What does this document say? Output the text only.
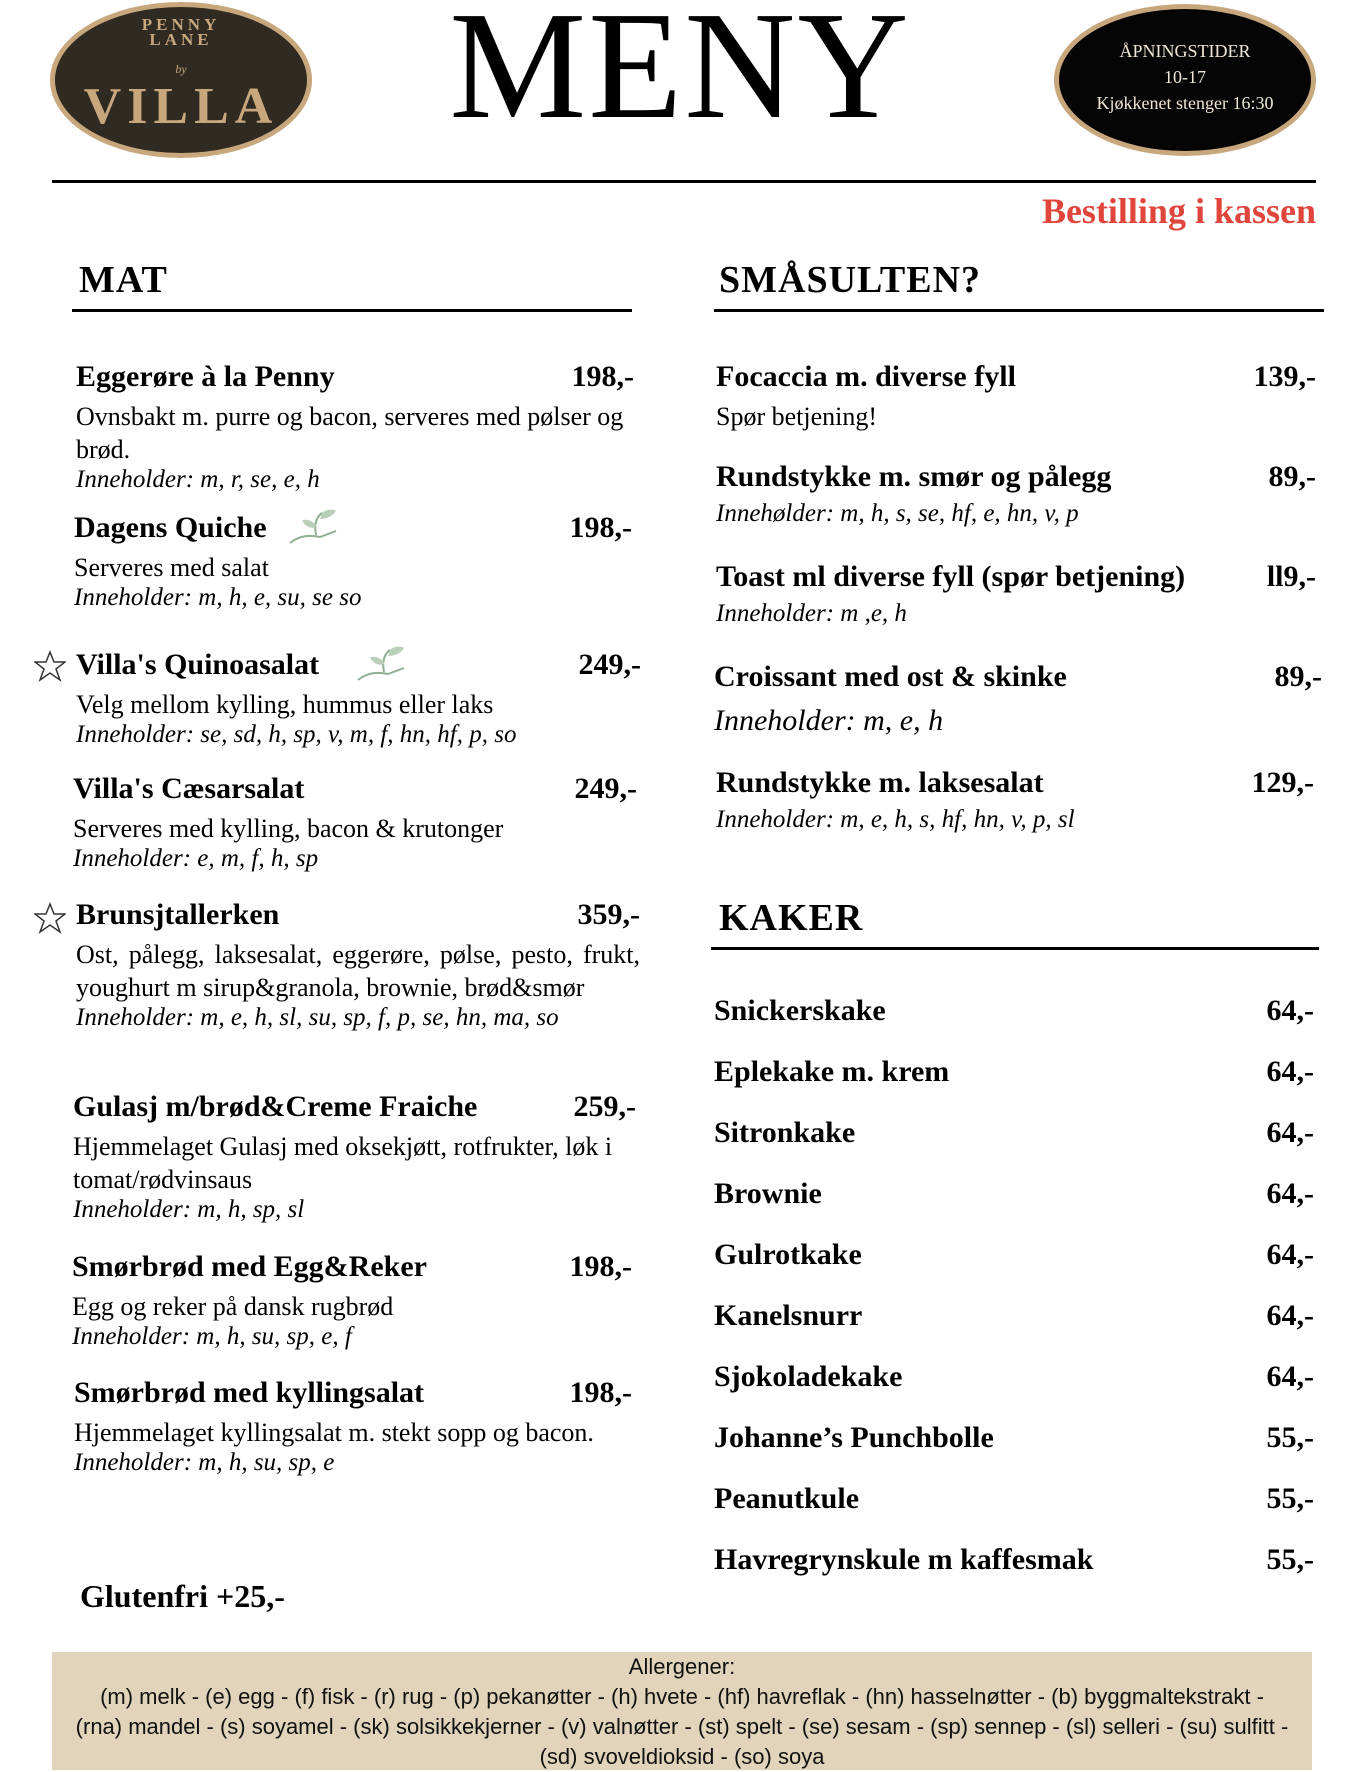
PENNY
LANE
by
VILLA	MENY	ÅPNINGSTIDER
10-17
Kjøkkenet stenger 16:30
Bestilling i kassen
MAT
Eggerøre à la Penny	198,-
Ovnsbakt m. purre og bacon, serveres med pølser og brød.
Inneholder: m, r, se, e, h
Dagens Quiche	198,-
Serveres med salat
Inneholder: m, h, e, su, se so
Villa's Quinoasalat	249,-
Velg mellom kylling, hummus eller laks
Inneholder: se, sd, h, sp, v, m, f, hn, hf, p, so
Villa's Cæsarsalat	249,-
Serveres med kylling, bacon & krutonger
Inneholder: e, m, f, h, sp
Brunsjtallerken	359,-
Ost, pålegg, laksesalat, eggerøre, pølse, pesto, frukt, youghurt m sirup&granola, brownie, brød&smør
Inneholder: m, e, h, sl, su, sp, f, p, se, hn, ma, so
Gulasj m/brød&Creme Fraiche	259,-
Hjemmelaget Gulasj med oksekjøtt, rotfrukter, løk i tomat/rødvinsaus
Inneholder: m, h, sp, sl
Smørbrød med Egg&Reker	198,-
Egg og reker på dansk rugbrød
Inneholder: m, h, su, sp, e, f
Smørbrød med kyllingsalat	198,-
Hjemmelaget kyllingsalat m. stekt sopp og bacon.
Inneholder: m, h, su, sp, e
Glutenfri +25,-
SMÅSULTEN?
Focaccia m. diverse fyll	139,-
Spør betjening!
Rundstykke m. smør og pålegg	89,-
Innehølder: m, h, s, se, hf, e, hn, v, p
Toast ml diverse fyll (spør betjening)	ll9,-
Inneholder: m ,e, h
Croissant med ost & skinke	89,-
Inneholder: m, e, h
Rundstykke m. laksesalat	129,-
Inneholder: m, e, h, s, hf, hn, v, p, sl
KAKER
Snickerskake	64,-
Eplekake m. krem	64,-
Sitronkake	64,-
Brownie	64,-
Gulrotkake	64,-
Kanelsnurr	64,-
Sjokoladekake	64,-
Johanne’s Punchbolle	55,-
Peanutkule	55,-
Havregrynskule m kaffesmak	55,-
Allergener:
(m) melk - (e) egg - (f) fisk - (r) rug - (p) pekanøtter - (h) hvete - (hf) havreflak - (hn) hasselnøtter - (b) byggmaltekstrakt -
(rna) mandel - (s) soyamel - (sk) solsikkekjerner - (v) valnøtter - (st) spelt - (se) sesam - (sp) sennep - (sl) selleri - (su) sulfitt -
(sd) svoveldioksid - (so) soya
